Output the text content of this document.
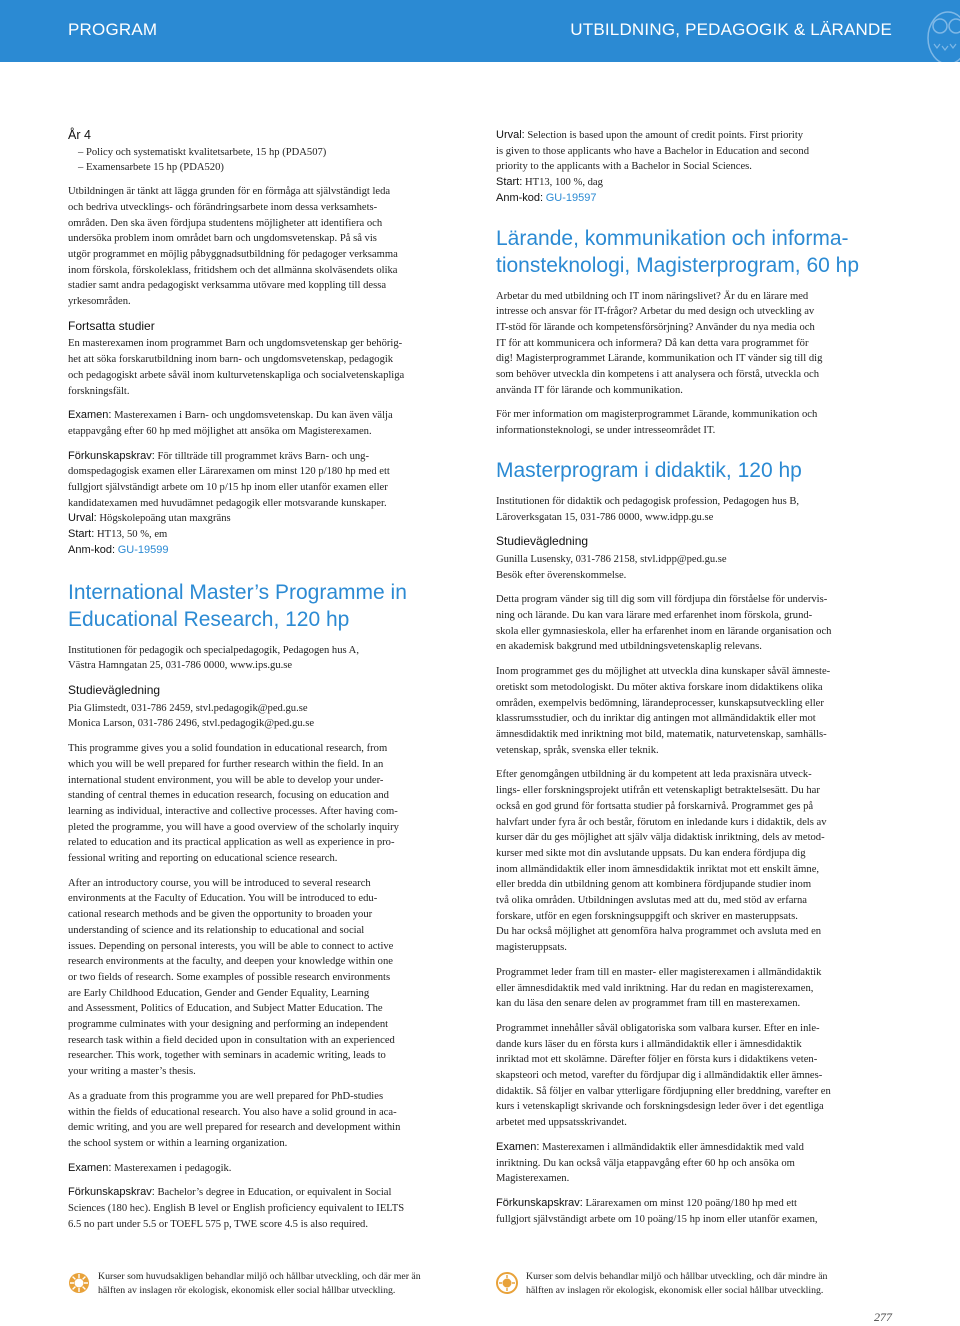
PROGRAM	UTBILDNING, PEDAGOGIK & LÄRANDE
År 4

– Policy och systematiskt kvalitetsarbete, 15 hp (PDA507)
– Examensarbete 15 hp (PDA520)

Utbildningen är tänkt att lägga grunden för en förmåga att självständigt leda
och bedriva utvecklings- och förändringsarbete inom dessa verksamhets-
områden. Den ska även fördjupa studentens möjligheter att identifiera och
undersöka problem inom området barn och ungdomsvetenskap. På så vis
utgör programmet en möjlig påbyggnadsutbildning för pedagoger verksamma
inom förskola, förskoleklass, fritidshem och det allmänna skolväsendets olika
stadier samt andra pedagogiskt verksamma utövare med koppling till dessa
yrkesområden.

Fortsatta studier

En masterexamen inom programmet Barn och ungdomsvetenskap ger behörig-
het att söka forskarutbildning inom barn- och ungdomsvetenskap, pedagogik
och pedagogiskt arbete såväl inom kulturvetenskapliga och socialvetenskapliga
forskningsfält.

Examen: Masterexamen i Barn- och ungdomsvetenskap. Du kan även välja
etappavgång efter 60 hp med möjlighet att ansöka om Magisterexamen.

Förkunskapskrav: För tillträde till programmet krävs Barn- och ung-
domspedagogisk examen eller Lärarexamen om minst 120 p/180 hp med ett
fullgjort självständigt arbete om 10 p/15 hp inom eller utanför examen eller
kandidatexamen med huvudämnet pedagogik eller motsvarande kunskaper.
Urval: Högskolepoäng utan maxgräns
Start: HT13, 50 %, em
Anm-kod: GU-19599

International Master’s Programme in
Educational Research, 120 hp

Institutionen för pedagogik och specialpedagogik, Pedagogen hus A,
Västra Hamngatan 25, 031-786 0000, www.ips.gu.se

Studievägledning

Pia Glimstedt, 031-786 2459, stvl.pedagogik@ped.gu.se
Monica Larson, 031-786 2496, stvl.pedagogik@ped.gu.se

This programme gives you a solid foundation in educational research, from
which you will be well prepared for further research within the field. In an
international student environment, you will be able to develop your under-
standing of central themes in education research, focusing on education and
learning as individual, interactive and collective processes. After having com-
pleted the programme, you will have a good overview of the scholarly inquiry
related to education and its practical application as well as experience in pro-
fessional writing and reporting on educational science research.

After an introductory course, you will be introduced to several research
environments at the Faculty of Education. You will be introduced to edu-
cational research methods and be given the opportunity to broaden your
understanding of science and its relationship to educational and social
issues. Depending on personal interests, you will be able to connect to active
research environments at the faculty, and deepen your knowledge within one
or two fields of research. Some examples of possible research environments
are Early Childhood Education, Gender and Gender Equality, Learning
and Assessment, Politics of Education, and Subject Matter Education. The
programme culminates with your designing and performing an independent
research task within a field decided upon in consultation with an experienced
researcher. This work, together with seminars in academic writing, leads to
your writing a master’s thesis.

As a graduate from this programme you are well prepared for PhD-studies
within the fields of educational research. You also have a solid ground in aca-
demic writing, and you are well prepared for research and development within
the school system or within a learning organization.

Examen: Masterexamen i pedagogik.

Förkunskapskrav: Bachelor’s degree in Education, or equivalent in Social
Sciences (180 hec). English B level or English proficiency equivalent to IELTS
6.5 no part under 5.5 or TOEFL 575 p, TWE score 4.5 is also required.

Urval: Selection is based upon the amount of credit points. First priority
is given to those applicants who have a Bachelor in Education and second
priority to the applicants with a Bachelor in Social Sciences.
Start: HT13, 100 %, dag
Anm-kod: GU-19597

Lärande, kommunikation och informa-
tionsteknologi, Magisterprogram, 60 hp

Arbetar du med utbildning och IT inom näringslivet? Är du en lärare med
intresse och ansvar för IT-frågor? Arbetar du med design och utveckling av
IT-stöd för lärande och kompetensförsörjning? Använder du nya media och
IT för att kommunicera och informera? Då kan detta vara programmet för
dig! Magisterprogrammet Lärande, kommunikation och IT vänder sig till dig
som behöver utveckla din kompetens i att analysera och förstå, utveckla och
använda IT för lärande och kommunikation.

För mer information om magisterprogrammet Lärande, kommunikation och
informationsteknologi, se under intresseområdet IT.

Masterprogram i didaktik, 120 hp

Institutionen för didaktik och pedagogisk profession, Pedagogen hus B,
Läroverksgatan 15, 031-786 0000, www.idpp.gu.se

Studievägledning

Gunilla Lusensky, 031-786 2158, stvl.idpp@ped.gu.se
Besök efter överenskommelse.

Detta program vänder sig till dig som vill fördjupa din förståelse för undervis-
ning och lärande. Du kan vara lärare med erfarenhet inom förskola, grund-
skola eller gymnasieskola, eller ha erfarenhet inom en lärande organisation och
en akademisk bakgrund med utbildningsvetenskaplig relevans.

Inom programmet ges du möjlighet att utveckla dina kunskaper såväl ämneste-
oretiskt som metodologiskt. Du möter aktiva forskare inom didaktikens olika
områden, exempelvis bedömning, lärandeprocesser, kunskapsutveckling eller
klassrumsstudier, och du inriktar dig antingen mot allmändidaktik eller mot
ämnesdidaktik med inriktning mot bild, matematik, naturvetenskap, samhälls-
vetenskap, språk, svenska eller teknik.

Efter genomgången utbildning är du kompetent att leda praxisnära utveck-
lings- eller forskningsprojekt utifrån ett vetenskapligt betraktelsesätt. Du har
också en god grund för fortsatta studier på forskarnivå. Programmet ges på
halvfart under fyra år och består, förutom en inledande kurs i didaktik, dels av
kurser där du ges möjlighet att själv välja didaktisk inriktning, dels av metod-
kurser med sikte mot din avslutande uppsats. Du kan endera fördjupa dig
inom allmändidaktik eller inom ämnesdidaktik inriktat mot ett enskilt ämne,
eller bredda din utbildning genom att kombinera fördjupande studier inom
två olika områden. Utbildningen avslutas med att du, med stöd av erfarna
forskare, utför en egen forskningsuppgift och skriver en masteruppsats.
Du har också möjlighet att genomföra halva programmet och avsluta med en
magisteruppsats.

Programmet leder fram till en master- eller magisterexamen i allmändidaktik
eller ämnesdidaktik med vald inriktning. Har du redan en magisterexamen,
kan du läsa den senare delen av programmet fram till en masterexamen.

Programmet innehåller såväl obligatoriska som valbara kurser. Efter en inle-
dande kurs läser du en första kurs i allmändidaktik eller i ämnesdidaktik
inriktad mot ett skolämne. Därefter följer en första kurs i didaktikens veten-
skapsteori och metod, varefter du fördjupar dig i allmändidaktik eller ämnes-
didaktik. Så följer en valbar ytterligare fördjupning eller breddning, varefter en
kurs i vetenskapligt skrivande och forskningsdesign leder över i det egentliga
arbetet med uppsatsskrivandet.

Examen: Masterexamen i allmändidaktik eller ämnesdidaktik med vald
inriktning. Du kan också välja etappavgång efter 60 hp och ansöka om
Magisterexamen.

Förkunskapskrav: Lärarexamen om minst 120 poäng/180 hp med ett
fullgjort självständigt arbete om 10 poäng/15 hp inom eller utanför examen,

Kurser som huvudsakligen behandlar miljö och hållbar utveckling, och där mer än
hälften av inslagen rör ekologisk, ekonomisk eller social hållbar utveckling.
Kurser som delvis behandlar miljö och hållbar utveckling, och där mindre än
hälften av inslagen rör ekologisk, ekonomisk eller social hållbar utveckling.
277
